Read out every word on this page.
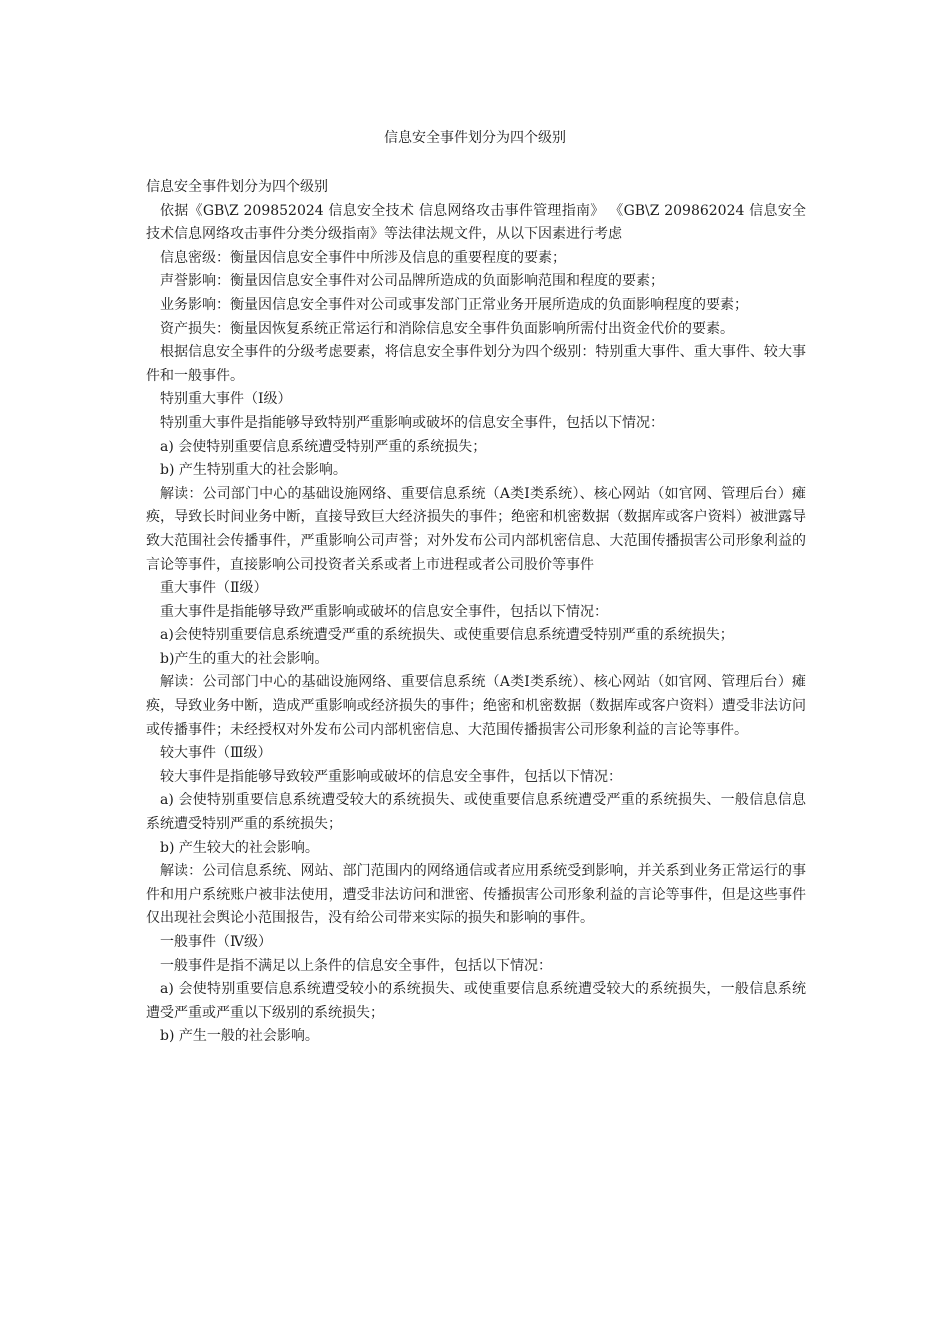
信息安全事件划分为四个级别

信息安全事件划分为四个级别

依据《GB\Z 209852024 信息安全技术 信息网络攻击事件管理指南》 《GB\Z 209862024 信息安全技术信息网络攻击事件分类分级指南》等法律法规文件，从以下因素进行考虑

信息密级：衡量因信息安全事件中所涉及信息的重要程度的要素；

声誉影响：衡量因信息安全事件对公司品牌所造成的负面影响范围和程度的要素；

业务影响：衡量因信息安全事件对公司或事发部门正常业务开展所造成的负面影响程度的要素；

资产损失：衡量因恢复系统正常运行和消除信息安全事件负面影响所需付出资金代价的要素。

根据信息安全事件的分级考虑要素，将信息安全事件划分为四个级别：特别重大事件、重大事件、较大事件和一般事件。

特别重大事件（Ⅰ级）

特别重大事件是指能够导致特别严重影响或破坏的信息安全事件，包括以下情况：

a) 会使特别重要信息系统遭受特别严重的系统损失；

b) 产生特别重大的社会影响。

解读：公司部门中心的基础设施网络、重要信息系统（A类Ⅰ类系统）、核心网站（如官网、管理后台）瘫痪，导致长时间业务中断，直接导致巨大经济损失的事件；绝密和机密数据（数据库或客户资料）被泄露导致大范围社会传播事件，严重影响公司声誉；对外发布公司内部机密信息、大范围传播损害公司形象利益的言论等事件，直接影响公司投资者关系或者上市进程或者公司股价等事件

重大事件（Ⅱ级）

重大事件是指能够导致严重影响或破坏的信息安全事件，包括以下情况：

a)会使特别重要信息系统遭受严重的系统损失、或使重要信息系统遭受特别严重的系统损失；

b)产生的重大的社会影响。

解读：公司部门中心的基础设施网络、重要信息系统（A类Ⅰ类系统）、核心网站（如官网、管理后台）瘫痪，导致业务中断，造成严重影响或经济损失的事件；绝密和机密数据（数据库或客户资料）遭受非法访问或传播事件；未经授权对外发布公司内部机密信息、大范围传播损害公司形象利益的言论等事件。

较大事件（Ⅲ级）

较大事件是指能够导致较严重影响或破坏的信息安全事件，包括以下情况：

a) 会使特别重要信息系统遭受较大的系统损失、或使重要信息系统遭受严重的系统损失、一般信息信息系统遭受特别严重的系统损失；

b) 产生较大的社会影响。

解读：公司信息系统、网站、部门范围内的网络通信或者应用系统受到影响，并关系到业务正常运行的事件和用户系统账户被非法使用，遭受非法访问和泄密、传播损害公司形象利益的言论等事件，但是这些事件仅出现社会舆论小范围报告，没有给公司带来实际的损失和影响的事件。

一般事件（Ⅳ级）

一般事件是指不满足以上条件的信息安全事件，包括以下情况：

a) 会使特别重要信息系统遭受较小的系统损失、或使重要信息系统遭受较大的系统损失，一般信息系统遭受严重或严重以下级别的系统损失；

b) 产生一般的社会影响。
